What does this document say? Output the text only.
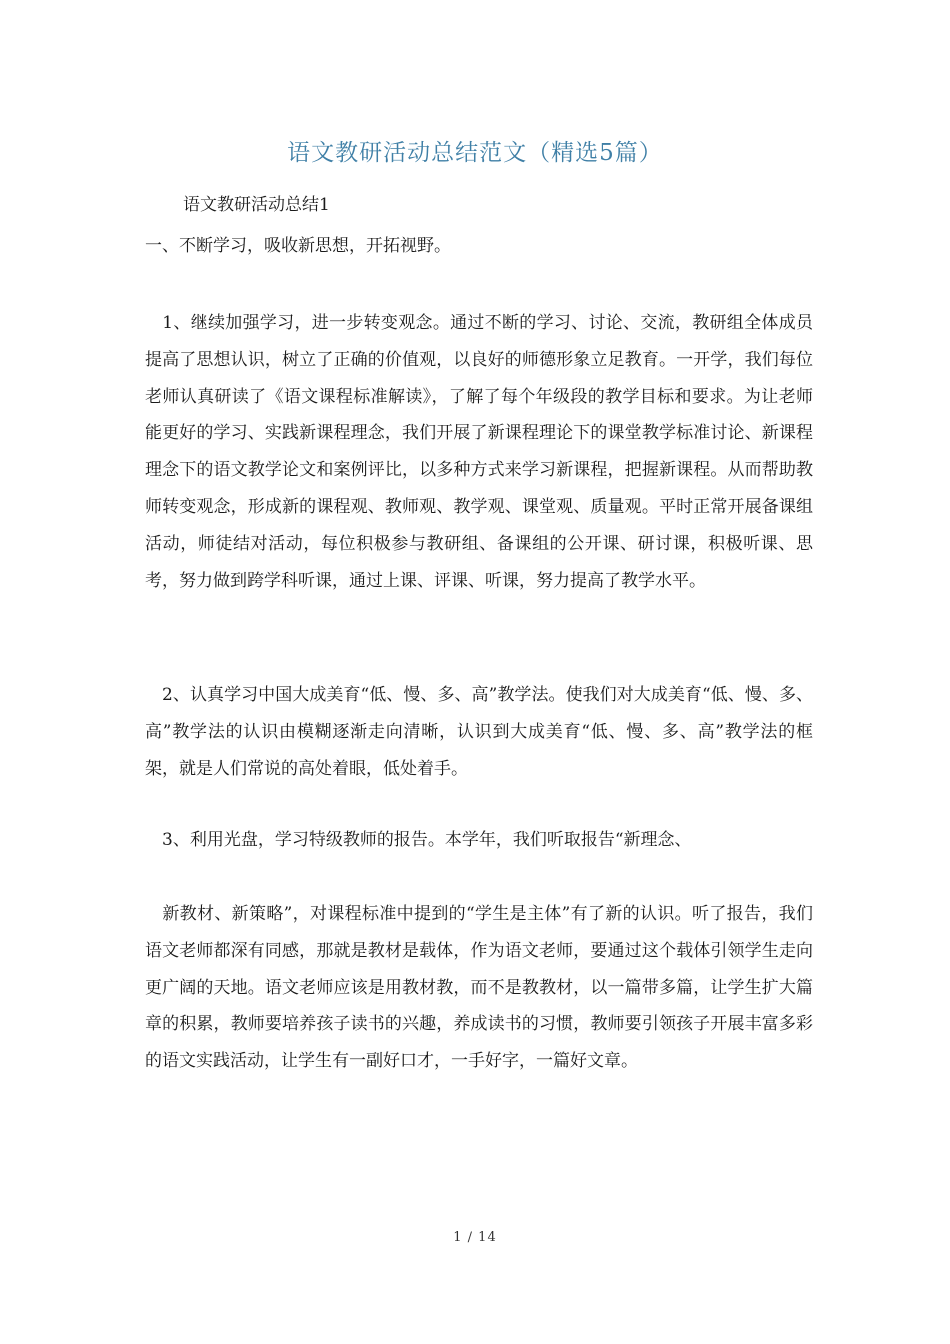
语文教研活动总结范文（精选5篇）
语文教研活动总结1
一、不断学习，吸收新思想，开拓视野。
　1、继续加强学习，进一步转变观念。通过不断的学习、讨论、交流，教研组全体成员提高了思想认识，树立了正确的价值观，以良好的师德形象立足教育。一开学，我们每位老师认真研读了《语文课程标准解读》，了解了每个年级段的教学目标和要求。为让老师能更好的学习、实践新课程理念，我们开展了新课程理论下的课堂教学标准讨论、新课程理念下的语文教学论文和案例评比，以多种方式来学习新课程，把握新课程。从而帮助教师转变观念，形成新的课程观、教师观、教学观、课堂观、质量观。平时正常开展备课组活动，师徒结对活动，每位积极参与教研组、备课组的公开课、研讨课，积极听课、思考，努力做到跨学科听课，通过上课、评课、听课，努力提高了教学水平。
　2、认真学习中国大成美育“低、慢、多、高”教学法。使我们对大成美育“低、慢、多、高”教学法的认识由模糊逐渐走向清晰，认识到大成美育“低、慢、多、高”教学法的框架，就是人们常说的高处着眼，低处着手。
　3、利用光盘，学习特级教师的报告。本学年，我们听取报告“新理念、
　新教材、新策略”，对课程标准中提到的“学生是主体”有了新的认识。听了报告，我们语文老师都深有同感，那就是教材是载体，作为语文老师，要通过这个载体引领学生走向更广阔的天地。语文老师应该是用教材教，而不是教教材，以一篇带多篇，让学生扩大篇章的积累，教师要培养孩子读书的兴趣，养成读书的习惯，教师要引领孩子开展丰富多彩的语文实践活动，让学生有一副好口才，一手好字，一篇好文章。
1 / 14
